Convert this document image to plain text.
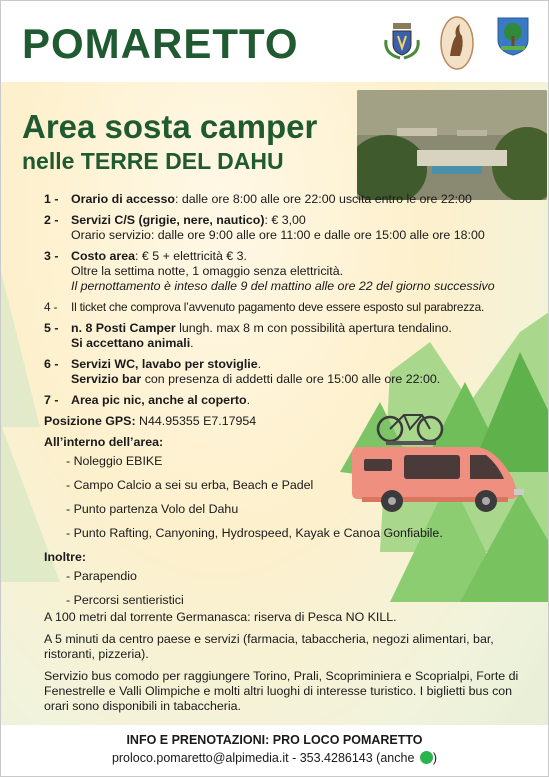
POMARETTO
Area sosta camper
nelle TERRE DEL DAHU
1 - Orario di accesso: dalle ore 8:00 alle ore 22:00 uscita entro le ore 22:00
2 - Servizi C/S (grigie, nere, nautico): € 3,00
Orario servizio: dalle ore 9:00 alle ore 11:00 e dalle ore 15:00 alle ore 18:00
3 - Costo area: € 5 + elettricità € 3.
Oltre la settima notte, 1 omaggio senza elettricità.
Il pernottamento è inteso dalle 9 del mattino alle ore 22 del giorno successivo
4 - Il ticket che comprova l’avvenuto pagamento deve essere esposto sul parabrezza.
5 - n. 8 Posti Camper lungh. max 8 m con possibilità apertura tendalino.
Si accettano animali.
6 - Servizi WC, lavabo per stoviglie.
Servizio bar con presenza di addetti dalle ore 15:00 alle ore 22:00.
7 - Area pic nic, anche al coperto.
Posizione GPS: N44.95355 E7.17954
All’interno dell’area:
- Noleggio EBIKE
- Campo Calcio a sei su erba, Beach e Padel
- Punto partenza Volo del Dahu
- Punto Rafting, Canyoning, Hydrospeed, Kayak e Canoa Gonfiabile.
Inoltre:
- Parapendio
- Percorsi sentieristici

A 100 metri dal torrente Germanasca: riserva di Pesca NO KILL.

A 5 minuti da centro paese e servizi (farmacia, tabaccheria, negozi alimentari, bar, ristoranti, pizzeria).

Servizio bus comodo per raggiungere Torino, Prali, Scopriminiera e Scoprialpi, Forte di Fenestrelle e Valli Olimpiche e molti altri luoghi di interesse turistico. I biglietti bus con orari sono disponibili in tabaccheria.

INFO E PRENOTAZIONI: PRO LOCO POMARETTO
proloco.pomaretto@alpimedia.it - 353.4286143 (anche )
